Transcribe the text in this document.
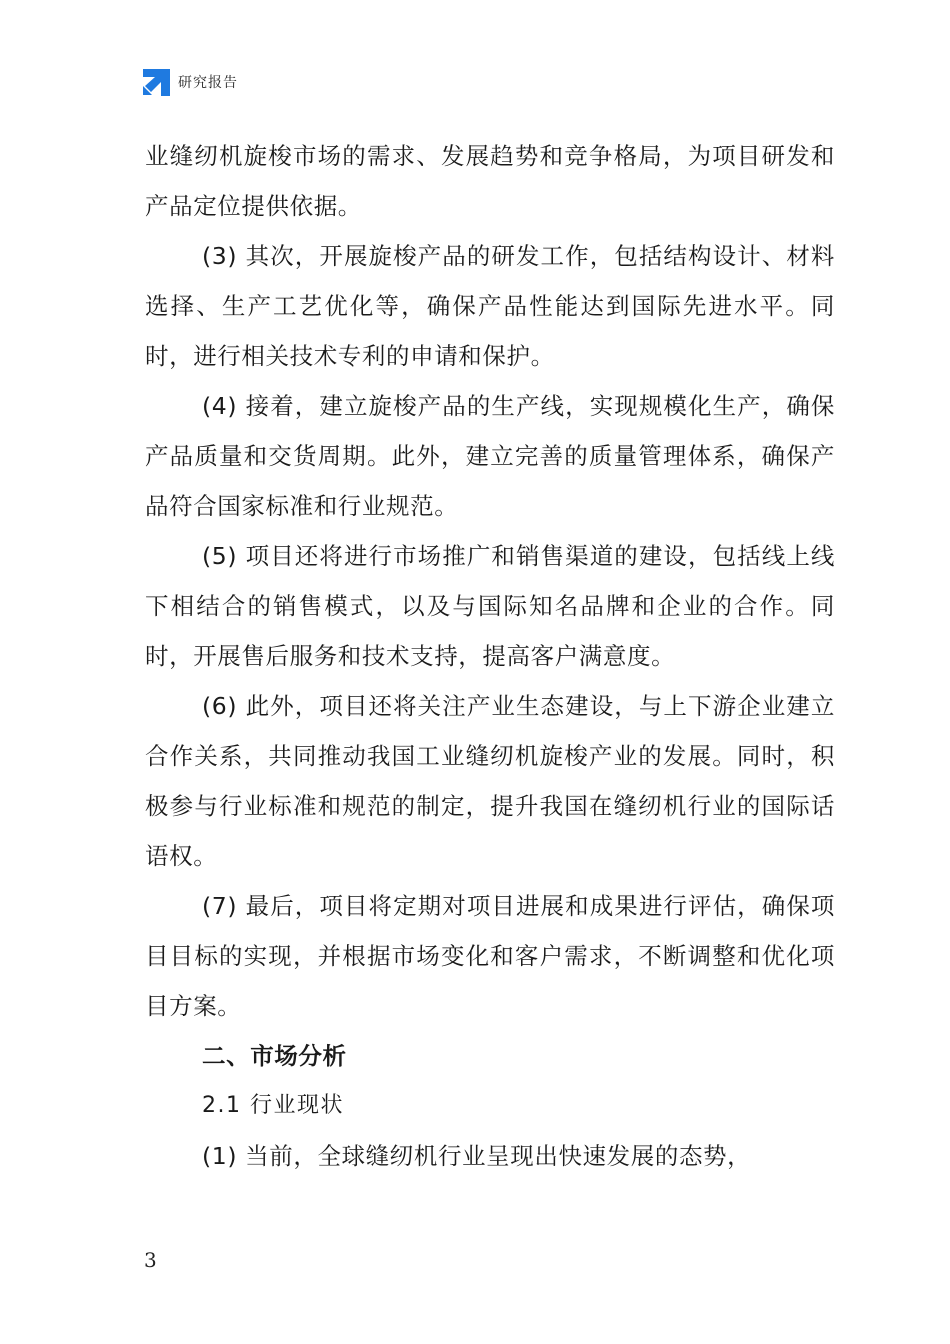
研究报告

业缝纫机旋梭市场的需求、发展趋势和竞争格局，为项目研发和产品定位提供依据。

(3) 其次，开展旋梭产品的研发工作，包括结构设计、材料选择、生产工艺优化等，确保产品性能达到国际先进水平。同时，进行相关技术专利的申请和保护。

(4) 接着，建立旋梭产品的生产线，实现规模化生产，确保产品质量和交货周期。此外，建立完善的质量管理体系，确保产品符合国家标准和行业规范。

(5) 项目还将进行市场推广和销售渠道的建设，包括线上线下相结合的销售模式，以及与国际知名品牌和企业的合作。同时，开展售后服务和技术支持，提高客户满意度。

(6) 此外，项目还将关注产业生态建设，与上下游企业建立合作关系，共同推动我国工业缝纫机旋梭产业的发展。同时，积极参与行业标准和规范的制定，提升我国在缝纫机行业的国际话语权。

(7) 最后，项目将定期对项目进展和成果进行评估，确保项目目标的实现，并根据市场变化和客户需求，不断调整和优化项目方案。

二、市场分析

2.1 行业现状

(1) 当前，全球缝纫机行业呈现出快速发展的态势，

3
